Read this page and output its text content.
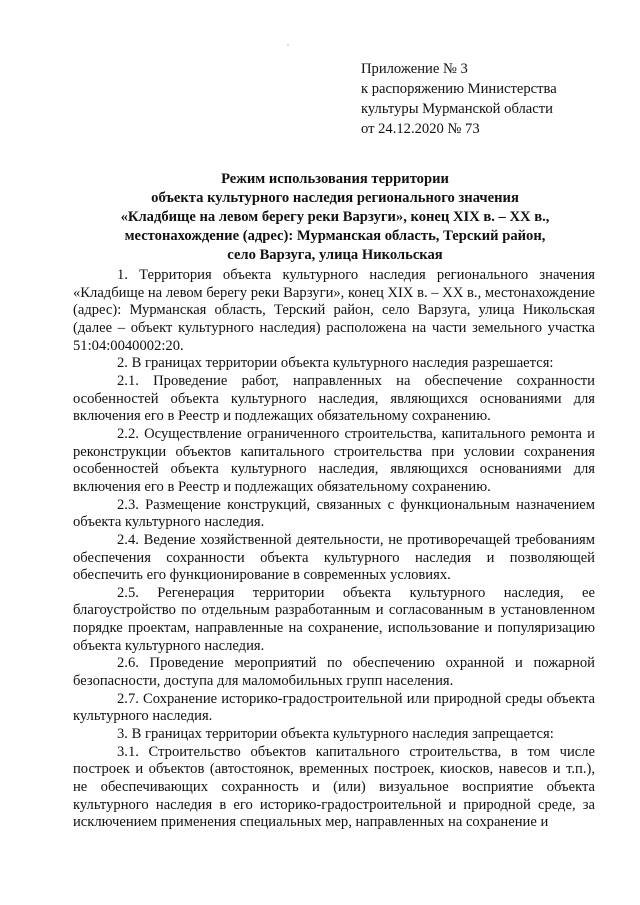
Приложение № 3
к распоряжению Министерства
культуры Мурманской области
от 24.12.2020 № 73
Режим использования территории
объекта культурного наследия регионального значения
«Кладбище на левом берегу реки Варзуги», конец XIX в. – XX в.,
местонахождение (адрес): Мурманская область, Терский район,
село Варзуга, улица Никольская

1. Территория объекта культурного наследия регионального значения «Кладбище на левом берегу реки Варзуги», конец XIX в. – XX в., местонахождение (адрес): Мурманская область, Терский район, село Варзуга, улица Никольская (далее – объект культурного наследия) расположена на части земельного участка 51:04:0040002:20.

2. В границах территории объекта культурного наследия разрешается:

2.1. Проведение работ, направленных на обеспечение сохранности особенностей объекта культурного наследия, являющихся основаниями для включения его в Реестр и подлежащих обязательному сохранению.

2.2. Осуществление ограниченного строительства, капитального ремонта и реконструкции объектов капитального строительства при условии сохранения особенностей объекта культурного наследия, являющихся основаниями для включения его в Реестр и подлежащих обязательному сохранению.

2.3. Размещение конструкций, связанных с функциональным назначением объекта культурного наследия.

2.4. Ведение хозяйственной деятельности, не противоречащей требованиям обеспечения сохранности объекта культурного наследия и позволяющей обеспечить его функционирование в современных условиях.

2.5. Регенерация территории объекта культурного наследия, ее благоустройство по отдельным разработанным и согласованным в установленном порядке проектам, направленные на сохранение, использование и популяризацию объекта культурного наследия.

2.6. Проведение мероприятий по обеспечению охранной и пожарной безопасности, доступа для маломобильных групп населения.

2.7. Сохранение историко-градостроительной или природной среды объекта культурного наследия.

3. В границах территории объекта культурного наследия запрещается:

3.1. Строительство объектов капитального строительства, в том числе построек и объектов (автостоянок, временных построек, киосков, навесов и т.п.), не обеспечивающих сохранность и (или) визуальное восприятие объекта культурного наследия в его историко-градостроительной и природной среде, за исключением применения специальных мер, направленных на сохранение и
